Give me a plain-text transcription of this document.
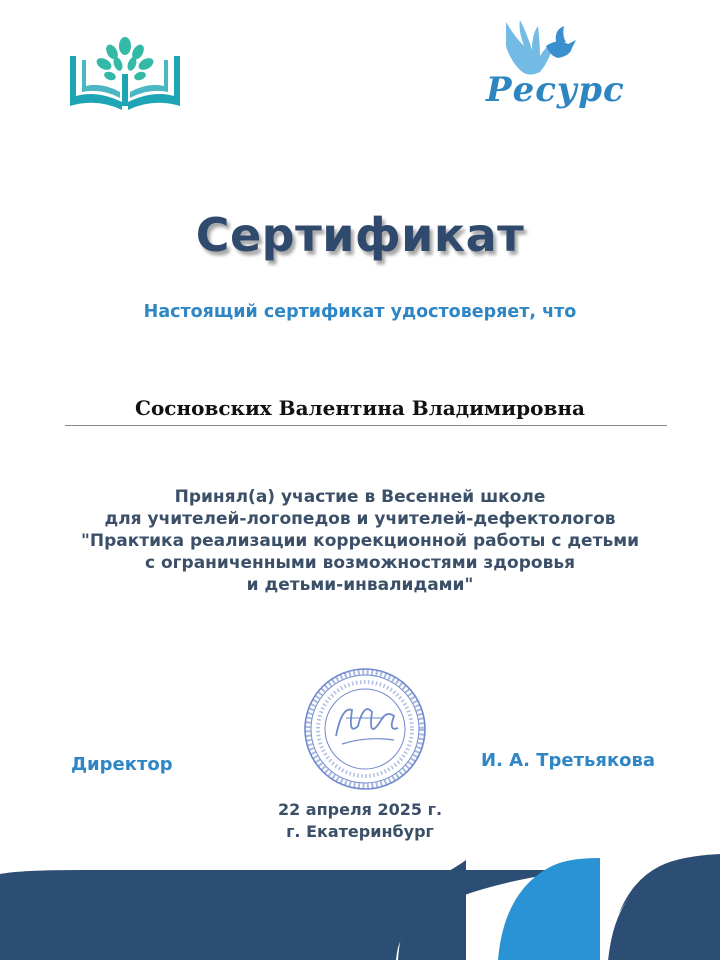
Ресурс
Сертификат
Настоящий сертификат удостоверяет, что
Сосновских Валентина Владимировна
Принял(а) участие в Весенней школе
для учителей-логопедов и учителей-дефектологов
"Практика реализации коррекционной работы с детьми
с ограниченными возможностями здоровья
и детьми-инвалидами"
Директор	И. А. Третьякова
22 апреля 2025 г.
г. Екатеринбург
